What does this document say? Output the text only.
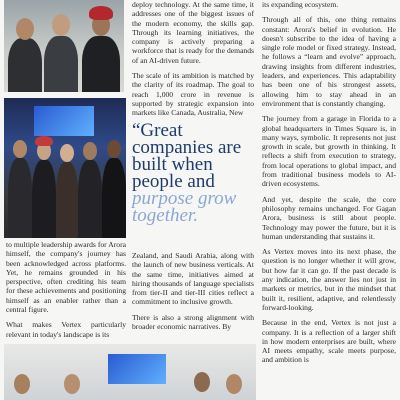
deploy technology. At the same time, it addresses one of the biggest issues of the modern economy, the skills gap. Through its learning initiatives, the company is actively preparing a workforce that is ready for the demands of an AI-driven future.

The scale of its ambition is matched by the clarity of its roadmap. The goal to reach 1,000 crore in revenue is supported by strategic expansion into markets like Canada, Australia, New

“Great companies are built when people and
purpose grow together.

Zealand, and Saudi Arabia, along with the launch of new business verticals. At the same time, initiatives aimed at hiring thousands of language specialists from tier-II and tier-III cities reflect a commitment to inclusive growth.

There is also a strong alignment with broader economic narratives. By

to multiple leadership awards for Arora himself, the company's journey has been acknowledged across platforms. Yet, he remains grounded in his perspective, often crediting his team for these achievements and positioning himself as an enabler rather than a central figure.

What makes Vertex particularly relevant in today's landscape is its

its expanding ecosystem.

Through all of this, one thing remains constant: Arora's belief in evolution. He doesn't subscribe to the idea of having a single role model or fixed strategy. Instead, he follows a “learn and evolve” approach, drawing insights from different industries, leaders, and experiences. This adaptability has been one of his strongest assets, allowing him to stay ahead in an environment that is constantly changing.

The journey from a garage in Florida to a global headquarters in Times Square is, in many ways, symbolic. It represents not just growth in scale, but growth in thinking. It reflects a shift from execution to strategy, from local operations to global impact, and from traditional business models to AI-driven ecosystems.

And yet, despite the scale, the core philosophy remains unchanged. For Gagan Arora, business is still about people. Technology may power the future, but it is human understanding that sustains it.

As Vertex moves into its next phase, the question is no longer whether it will grow, but how far it can go. If the past decade is any indication, the answer lies not just in markets or metrics, but in the mindset that built it, resilient, adaptive, and relentlessly forward-looking.

Because in the end, Vertex is not just a company. It is a reflection of a larger shift in how modern enterprises are built, where AI meets empathy, scale meets purpose, and ambition is
